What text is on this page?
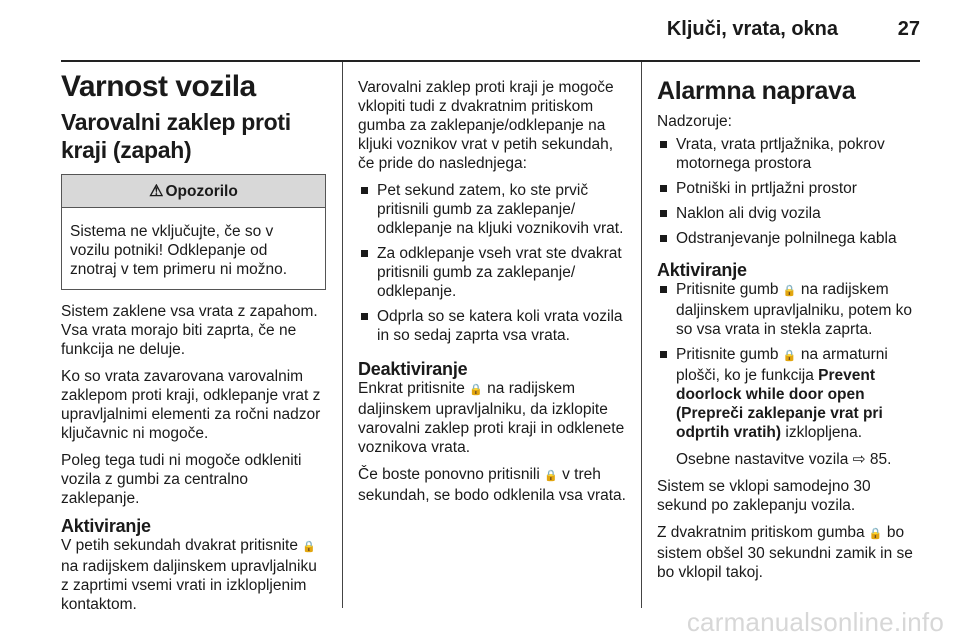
Ključi, vrata, okna	27
Varnost vozila
Varovalni zaklep proti kraji (zapah)
⚠ Opozorilo
Sistema ne vključujte, če so v vozilu potniki! Odklepanje od znotraj v tem primeru ni možno.

Sistem zaklene vsa vrata z zapahom. Vsa vrata morajo biti zaprta, če ne funkcija ne deluje.

Ko so vrata zavarovana varovalnim zaklepom proti kraji, odklepanje vrat z upravljalnimi elementi za ročni nadzor ključavnic ni mogoče.

Poleg tega tudi ni mogoče odkleniti vozila z gumbi za centralno zaklepanje.

Aktiviranje

V petih sekundah dvakrat pritisnite 🔒 na radijskem daljinskem upravljalniku z zaprtimi vsemi vrati in izklopljenim kontaktom.

Varovalni zaklep proti kraji je mogoče vklopiti tudi z dvakratnim pritiskom gumba za zaklepanje/odklepanje na kljuki voznikov vrat v petih sekundah, če pride do naslednjega:

Pet sekund zatem, ko ste prvič pritisnili gumb za zaklepanje/ odklepanje na kljuki voznikovih vrat.
Za odklepanje vseh vrat ste dvakrat pritisnili gumb za zaklepanje/ odklepanje.
Odprla so se katera koli vrata vozila in so sedaj zaprta vsa vrata.
Deaktiviranje

Enkrat pritisnite 🔒 na radijskem daljinskem upravljalniku, da izklopite varovalni zaklep proti kraji in odklenete voznikova vrata.

Če boste ponovno pritisnili 🔒 v treh sekundah, se bodo odklenila vsa vrata.

Alarmna naprava

Nadzoruje:

Vrata, vrata prtljažnika, pokrov motornega prostora
Potniški in prtljažni prostor
Naklon ali dvig vozila
Odstranjevanje polnilnega kabla
Aktiviranje
Pritisnite gumb 🔒 na radijskem daljinskem upravljalniku, potem ko so vsa vrata in stekla zaprta.
Pritisnite gumb 🔒 na armaturni plošči, ko je funkcija Prevent doorlock while door open (Prepreči zaklepanje vrat pri odprtih vratih) izklopljena.

Osebne nastavitve vozila ⇨ 85.

Sistem se vklopi samodejno 30 sekund po zaklepanju vozila.

Z dvakratnim pritiskom gumba 🔒 bo sistem obšel 30 sekundni zamik in se bo vklopil takoj.

carmanualsonline.info
